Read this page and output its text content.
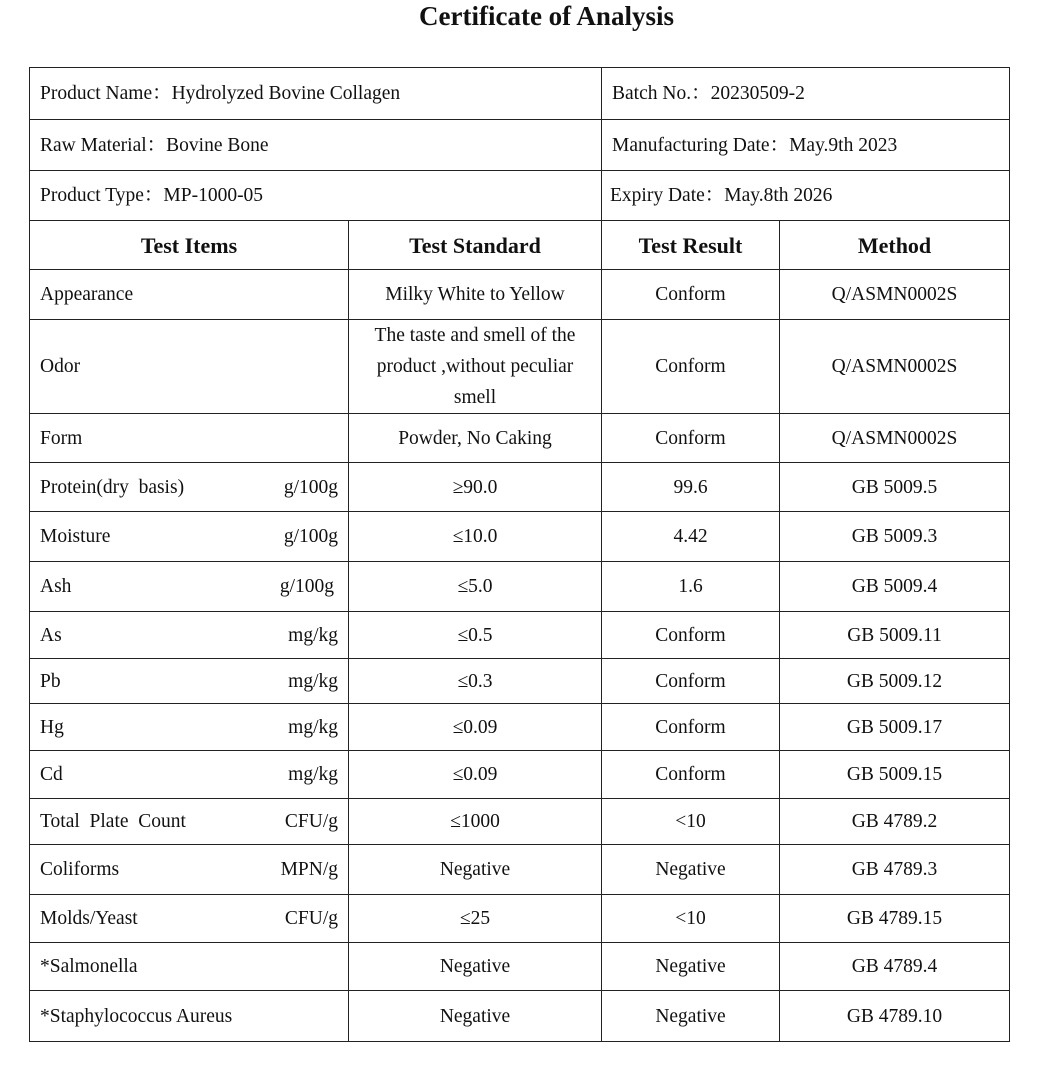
Certificate of Analysis
Product Name：Hydrolyzed Bovine Collagen		Batch No.：20230509-2	
Raw Material：Bovine Bone		Manufacturing Date：May.9th 2023	
Product Type：MP-1000-05		Expiry Date：May.8th 2026	
Test Items	Test Standard	Test Result	Method

Appearance	Milky White to Yellow	Conform	Q/ASMN0002S

Odor	The taste and smell of the product ,without peculiar smell	Conform	Q/ASMN0002S

Form	Powder, No Caking	Conform	Q/ASMN0002S

Protein(dry  basis) g/100g	≥90.0	99.6	GB 5009.5

Moisture g/100g	≤10.0	4.42	GB 5009.3

Ash g/100g	≤5.0	1.6	GB 5009.4

As mg/kg	≤0.5	Conform	GB 5009.11

Pb mg/kg	≤0.3	Conform	GB 5009.12

Hg mg/kg	≤0.09	Conform	GB 5009.17

Cd mg/kg	≤0.09	Conform	GB 5009.15

Total  Plate  Count CFU/g	≤1000	<10	GB 4789.2

Coliforms MPN/g	Negative	Negative	GB 4789.3

Molds/Yeast CFU/g	≤25	<10	GB 4789.15

*Salmonella	Negative	Negative	GB 4789.4

*Staphylococcus Aureus	Negative	Negative	GB 4789.10
